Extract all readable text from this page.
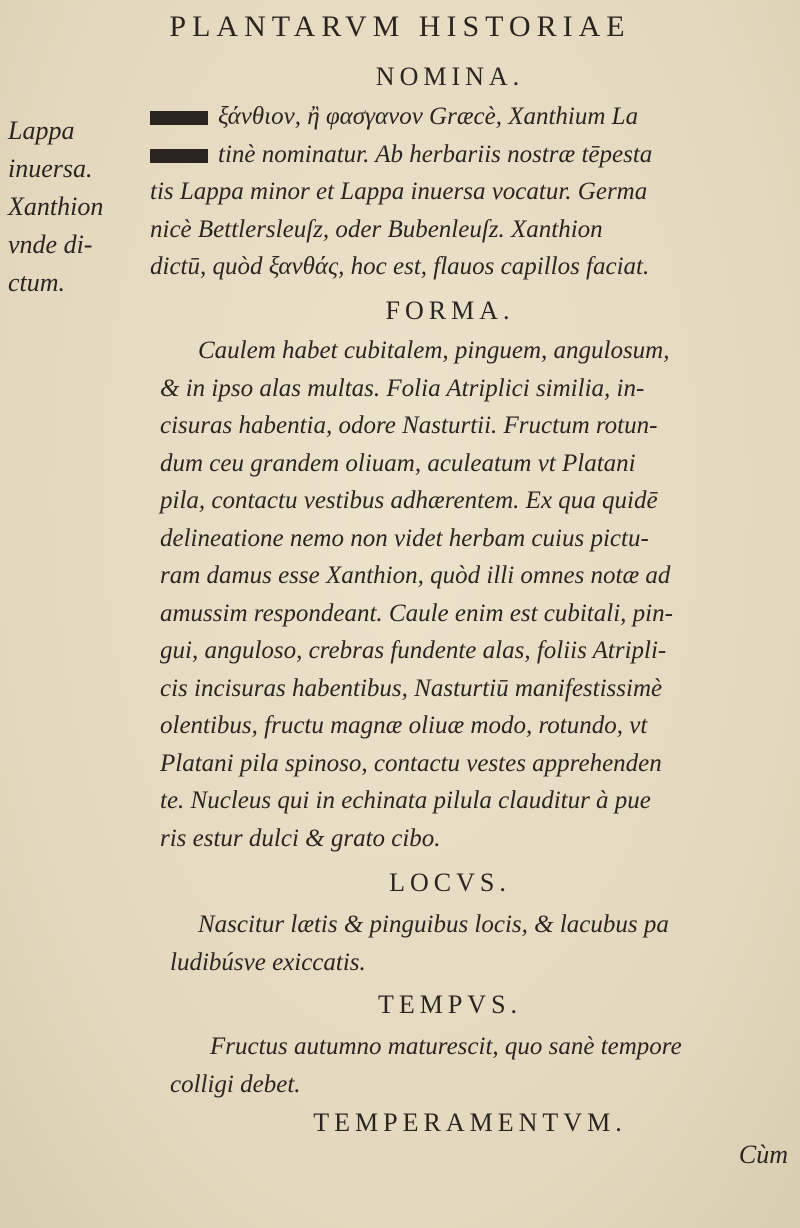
PLANTARVM HISTORIAE
Lappa
inuersa.
Xanthion
vnde di-
ctum.
NOMINA.
ξάνθιον, ἢ φασγανον Græcè, Xanthium La
tinè nominatur. Ab herbariis nostræ tēpesta
tis Lappa minor et Lappa inuersa vocatur. Germa
nicè Bettlersleuſz, oder Bubenleuſz. Xanthion
dictū, quòd ξανθάς, hoc est, flauos capillos faciat.
FORMA.
Caulem habet cubitalem, pinguem, angulosum,
& in ipso alas multas. Folia Atriplici similia, in-
cisuras habentia, odore Nasturtii. Fructum rotun-
dum ceu grandem oliuam, aculeatum vt Platani
pila, contactu vestibus adhærentem. Ex qua quidē
delineatione nemo non videt herbam cuius pictu-
ram damus esse Xanthion, quòd illi omnes notæ ad
amussim respondeant. Caule enim est cubitali, pin-
gui, anguloso, crebras fundente alas, foliis Atripli-
cis incisuras habentibus, Nasturtiū manifestissimè
olentibus, fructu magnæ oliuæ modo, rotundo, vt
Platani pila spinoso, contactu vestes apprehenden
te. Nucleus qui in echinata pilula clauditur à pue
ris estur dulci & grato cibo.
LOCVS.
Nascitur lætis & pinguibus locis, & lacubus pa
ludibúsve exiccatis.
TEMPVS.
Fructus autumno maturescit, quo sanè tempore
colligi debet.
TEMPERAMENTVM.
Cùm
